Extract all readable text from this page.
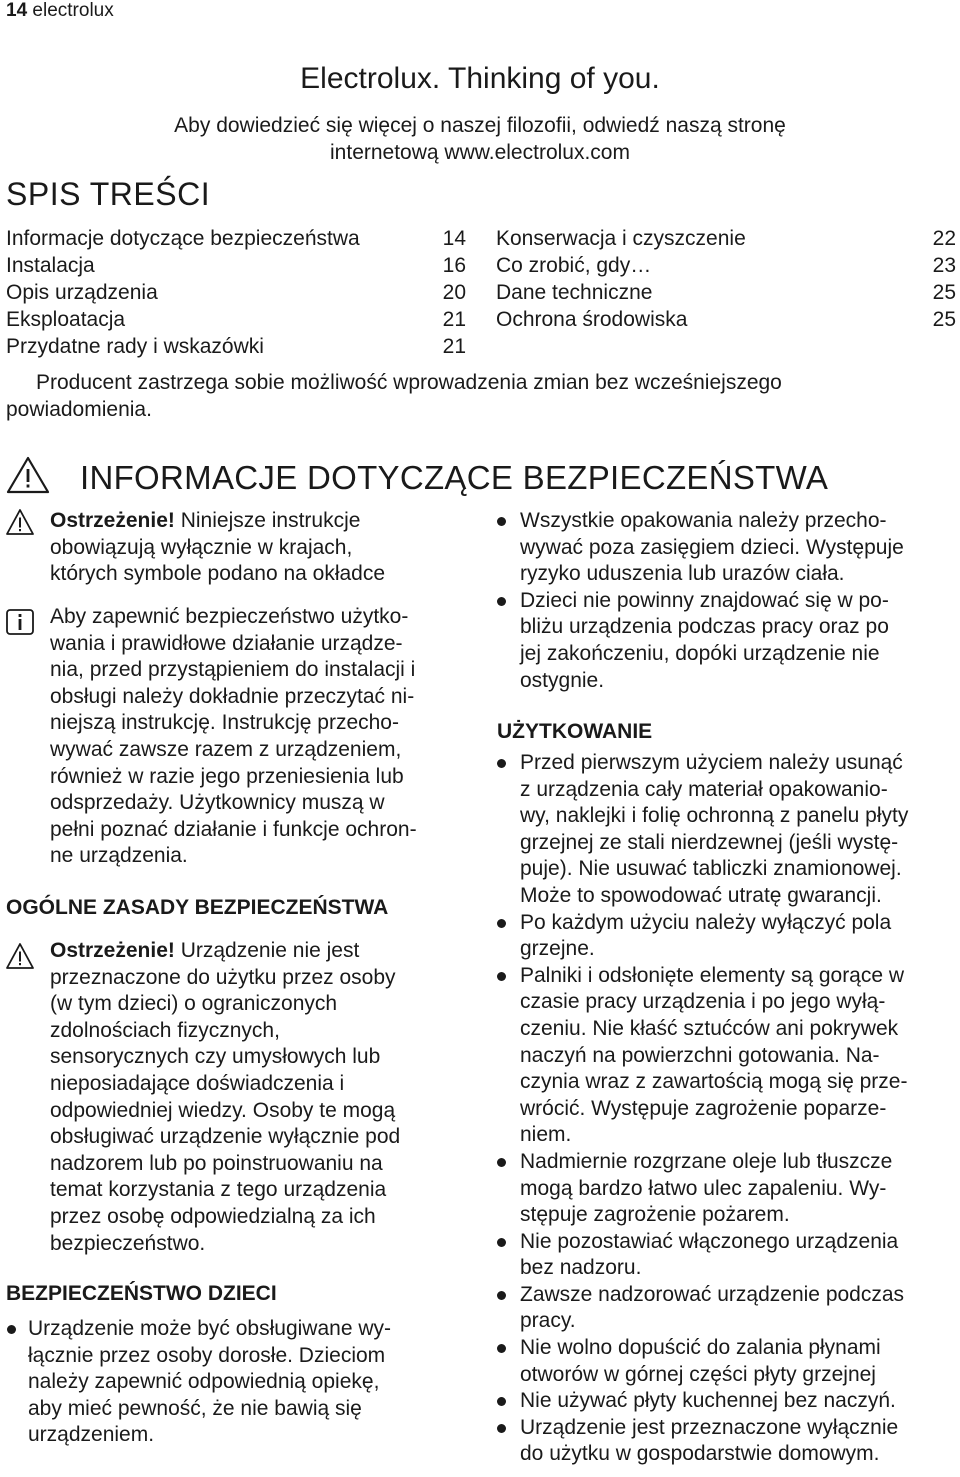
14 electrolux
Electrolux. Thinking of you.
Aby dowiedzieć się więcej o naszej filozofii, odwiedź naszą stronę internetową www.electrolux.com
SPIS TREŚCI
Informacje dotyczące bezpieczeństwa	14
Instalacja	16
Opis urządzenia	20
Eksploatacja	21
Przydatne rady i wskazówki	21
Konserwacja i czyszczenie	22
Co zrobić, gdy…	23
Dane techniczne	25
Ochrona środowiska	25
Producent zastrzega sobie możliwość wprowadzenia zmian bez wcześniejszego
powiadomienia.
INFORMACJE DOTYCZĄCE BEZPIECZEŃSTWA

Ostrzeżenie! Niniejsze instrukcje

obowiązują wyłącznie w krajach,

których symbole podano na okładce

Aby zapewnić bezpieczeństwo użytko-

wania i prawidłowe działanie urządze-

nia, przed przystąpieniem do instalacji i

obsługi należy dokładnie przeczytać ni-

niejszą instrukcję. Instrukcję przecho-

wywać zawsze razem z urządzeniem,

również w razie jego przeniesienia lub

odsprzedaży. Użytkownicy muszą w

pełni poznać działanie i funkcje ochron-

ne urządzenia.

OGÓLNE ZASADY BEZPIECZEŃSTWA

Ostrzeżenie! Urządzenie nie jest

przeznaczone do użytku przez osoby

(w tym dzieci) o ograniczonych

zdolnościach fizycznych,

sensorycznych czy umysłowych lub

nieposiadające doświadczenia i

odpowiedniej wiedzy. Osoby te mogą

obsługiwać urządzenie wyłącznie pod

nadzorem lub po poinstruowaniu na

temat korzystania z tego urządzenia

przez osobę odpowiedzialną za ich

bezpieczeństwo.

BEZPIECZEŃSTWO DZIECI
Urządzenie może być obsługiwane wy-
łącznie przez osoby dorosłe. Dzieciom
należy zapewnić odpowiednią opiekę,
aby mieć pewność, że nie bawią się
urządzeniem.
Wszystkie opakowania należy przecho-
wywać poza zasięgiem dzieci. Występuje
ryzyko uduszenia lub urazów ciała.
Dzieci nie powinny znajdować się w po-
bliżu urządzenia podczas pracy oraz po
jej zakończeniu, dopóki urządzenie nie
ostygnie.
UŻYTKOWANIE
Przed pierwszym użyciem należy usunąć
z urządzenia cały materiał opakowanio-
wy, naklejki i folię ochronną z panelu płyty
grzejnej ze stali nierdzewnej (jeśli wystę-
puje). Nie usuwać tabliczki znamionowej.
Może to spowodować utratę gwarancji.
Po każdym użyciu należy wyłączyć pola
grzejne.
Palniki i odsłonięte elementy są gorące w
czasie pracy urządzenia i po jego wyłą-
czeniu. Nie kłaść sztućców ani pokrywek
naczyń na powierzchni gotowania. Na-
czynia wraz z zawartością mogą się prze-
wrócić. Występuje zagrożenie poparze-
niem.
Nadmiernie rozgrzane oleje lub tłuszcze
mogą bardzo łatwo ulec zapaleniu. Wy-
stępuje zagrożenie pożarem.
Nie pozostawiać włączonego urządzenia
bez nadzoru.
Zawsze nadzorować urządzenie podczas
pracy.
Nie wolno dopuścić do zalania płynami
otworów w górnej części płyty grzejnej
Nie używać płyty kuchennej bez naczyń.
Urządzenie jest przeznaczone wyłącznie
do użytku w gospodarstwie domowym.
